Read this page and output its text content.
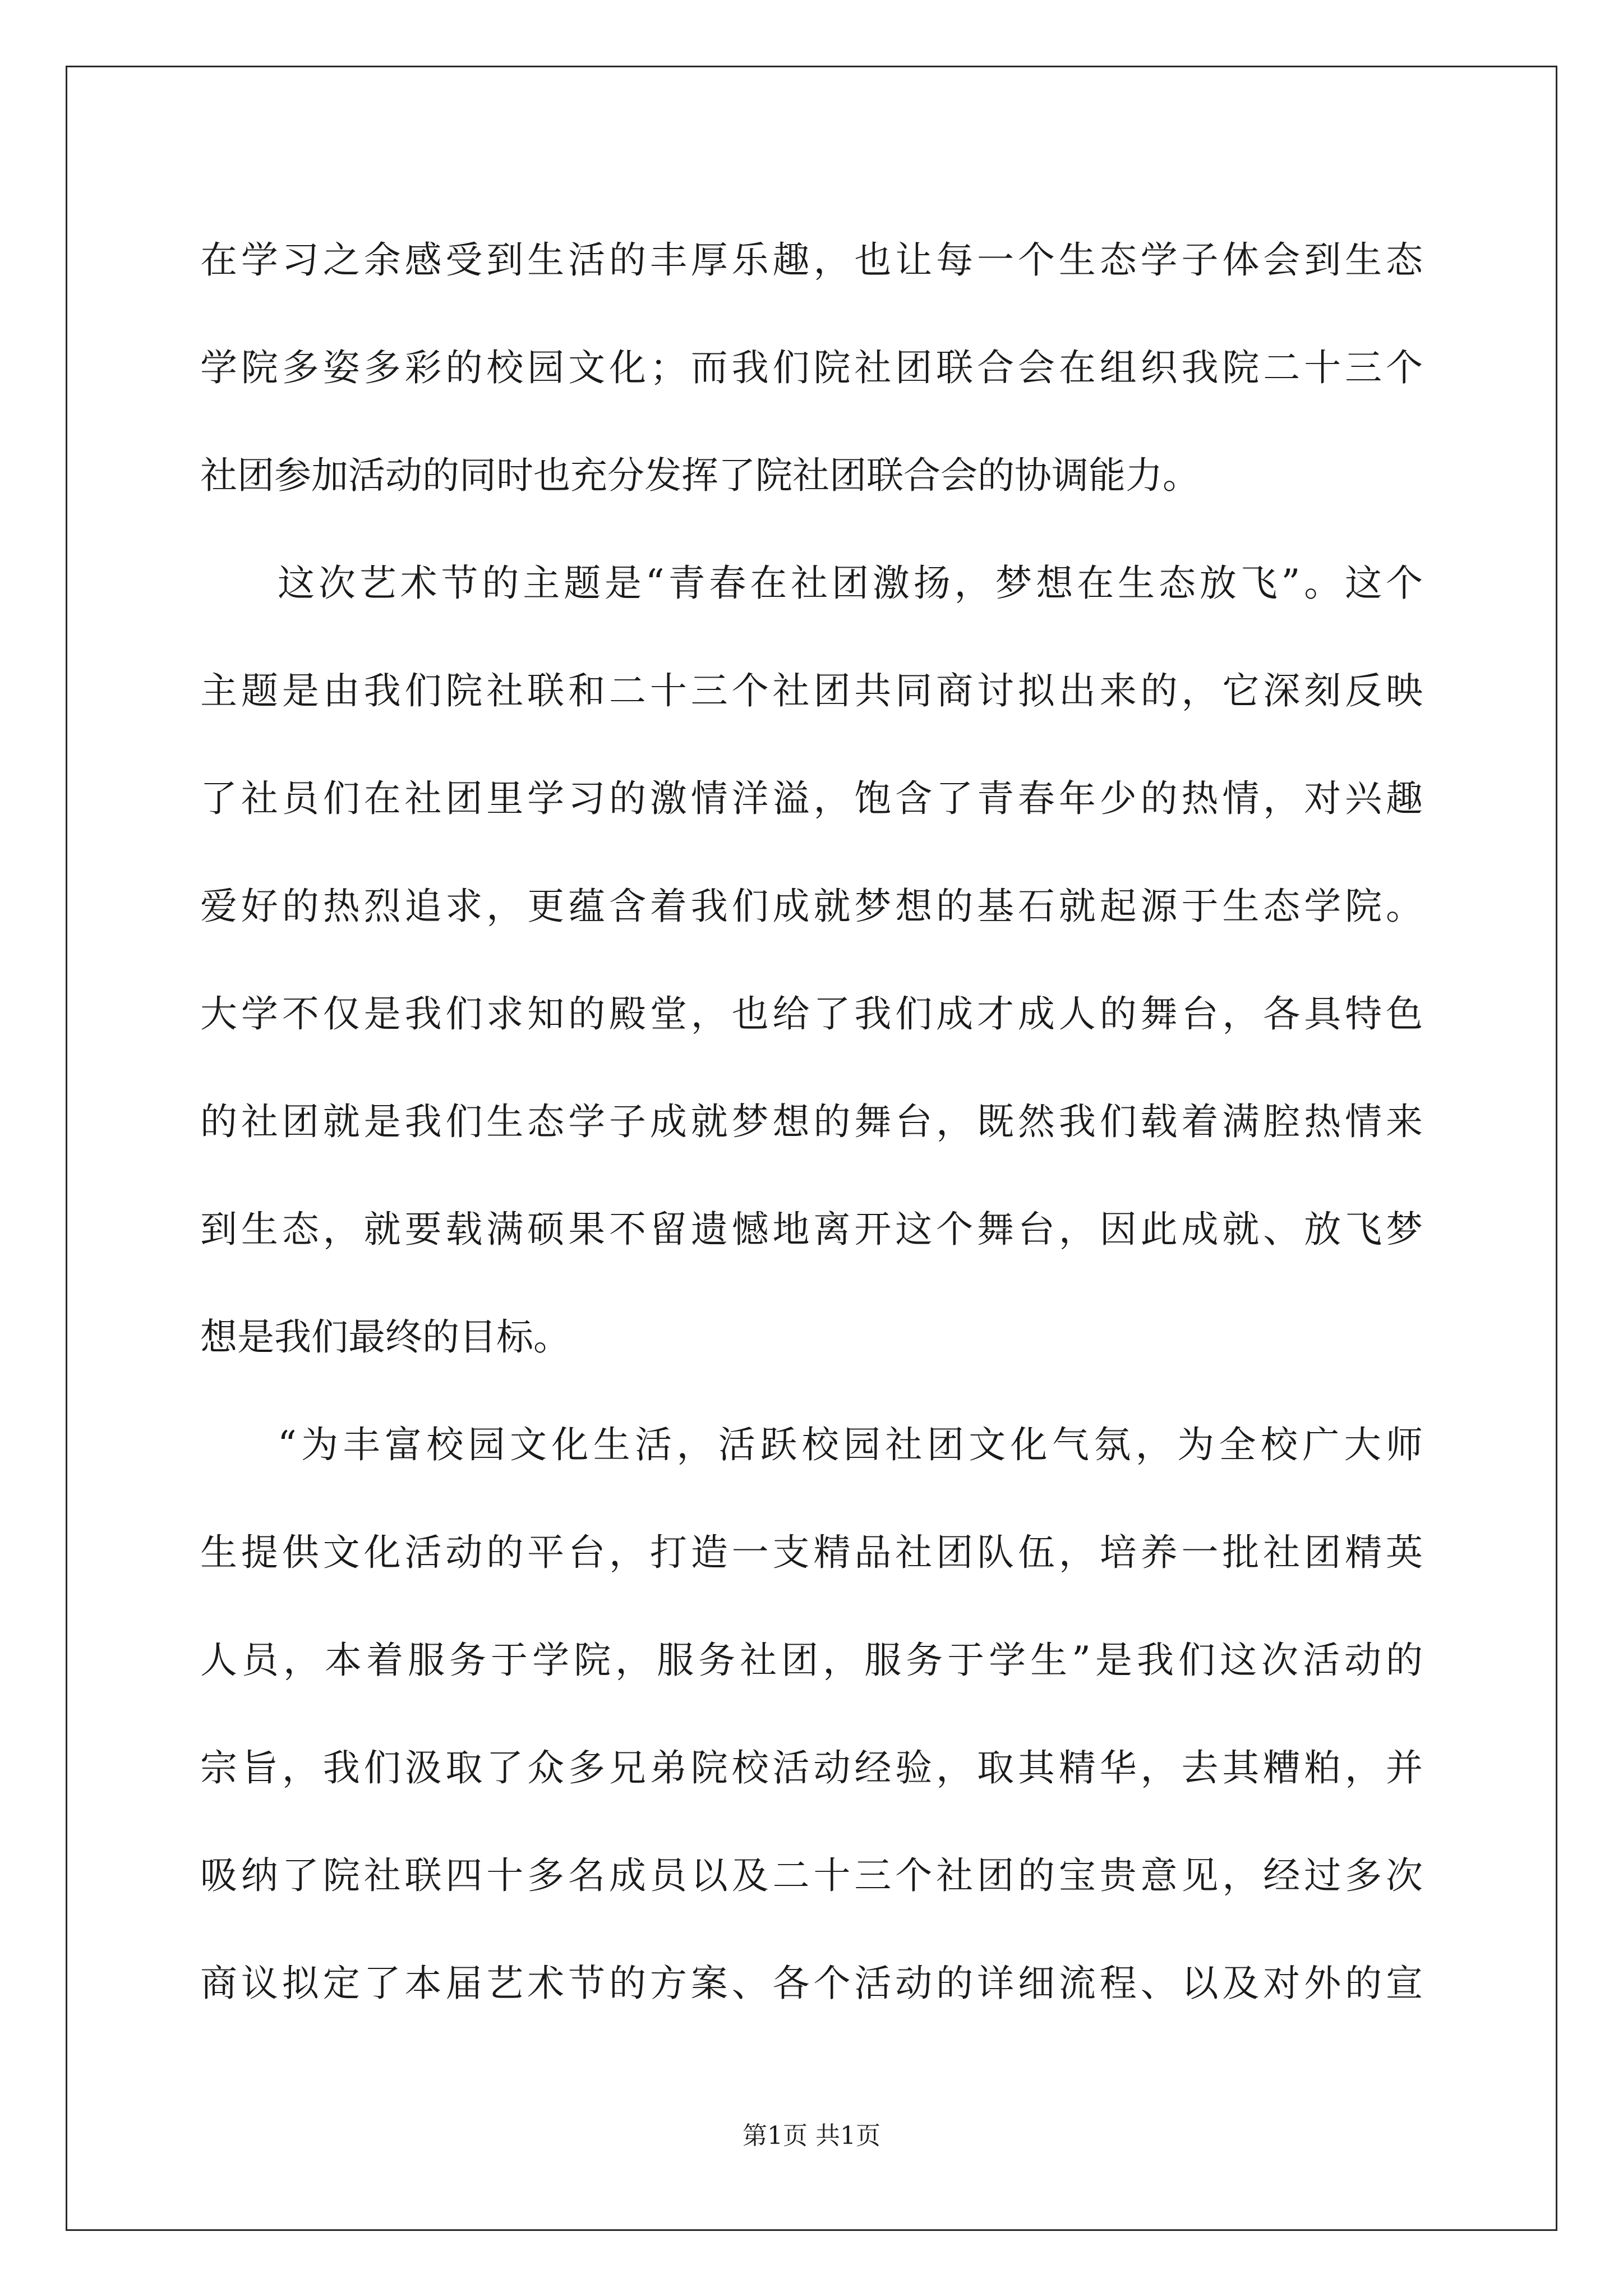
在学习之余感受到生活的丰厚乐趣，也让每一个生态学子体会到生态
学院多姿多彩的校园文化；而我们院社团联合会在组织我院二十三个
社团参加活动的同时也充分发挥了院社团联合会的协调能力。
这次艺术节的主题是“青春在社团激扬，梦想在生态放飞”。这个
主题是由我们院社联和二十三个社团共同商讨拟出来的，它深刻反映
了社员们在社团里学习的激情洋溢，饱含了青春年少的热情，对兴趣
爱好的热烈追求，更蕴含着我们成就梦想的基石就起源于生态学院。
大学不仅是我们求知的殿堂，也给了我们成才成人的舞台，各具特色
的社团就是我们生态学子成就梦想的舞台，既然我们载着满腔热情来
到生态，就要载满硕果不留遗憾地离开这个舞台，因此成就、放飞梦
想是我们最终的目标。
“为丰富校园文化生活，活跃校园社团文化气氛，为全校广大师
生提供文化活动的平台，打造一支精品社团队伍，培养一批社团精英
人员，本着服务于学院，服务社团，服务于学生”是我们这次活动的
宗旨，我们汲取了众多兄弟院校活动经验，取其精华，去其糟粕，并
吸纳了院社联四十多名成员以及二十三个社团的宝贵意见，经过多次
商议拟定了本届艺术节的方案、各个活动的详细流程、以及对外的宣
第1页 共1页
